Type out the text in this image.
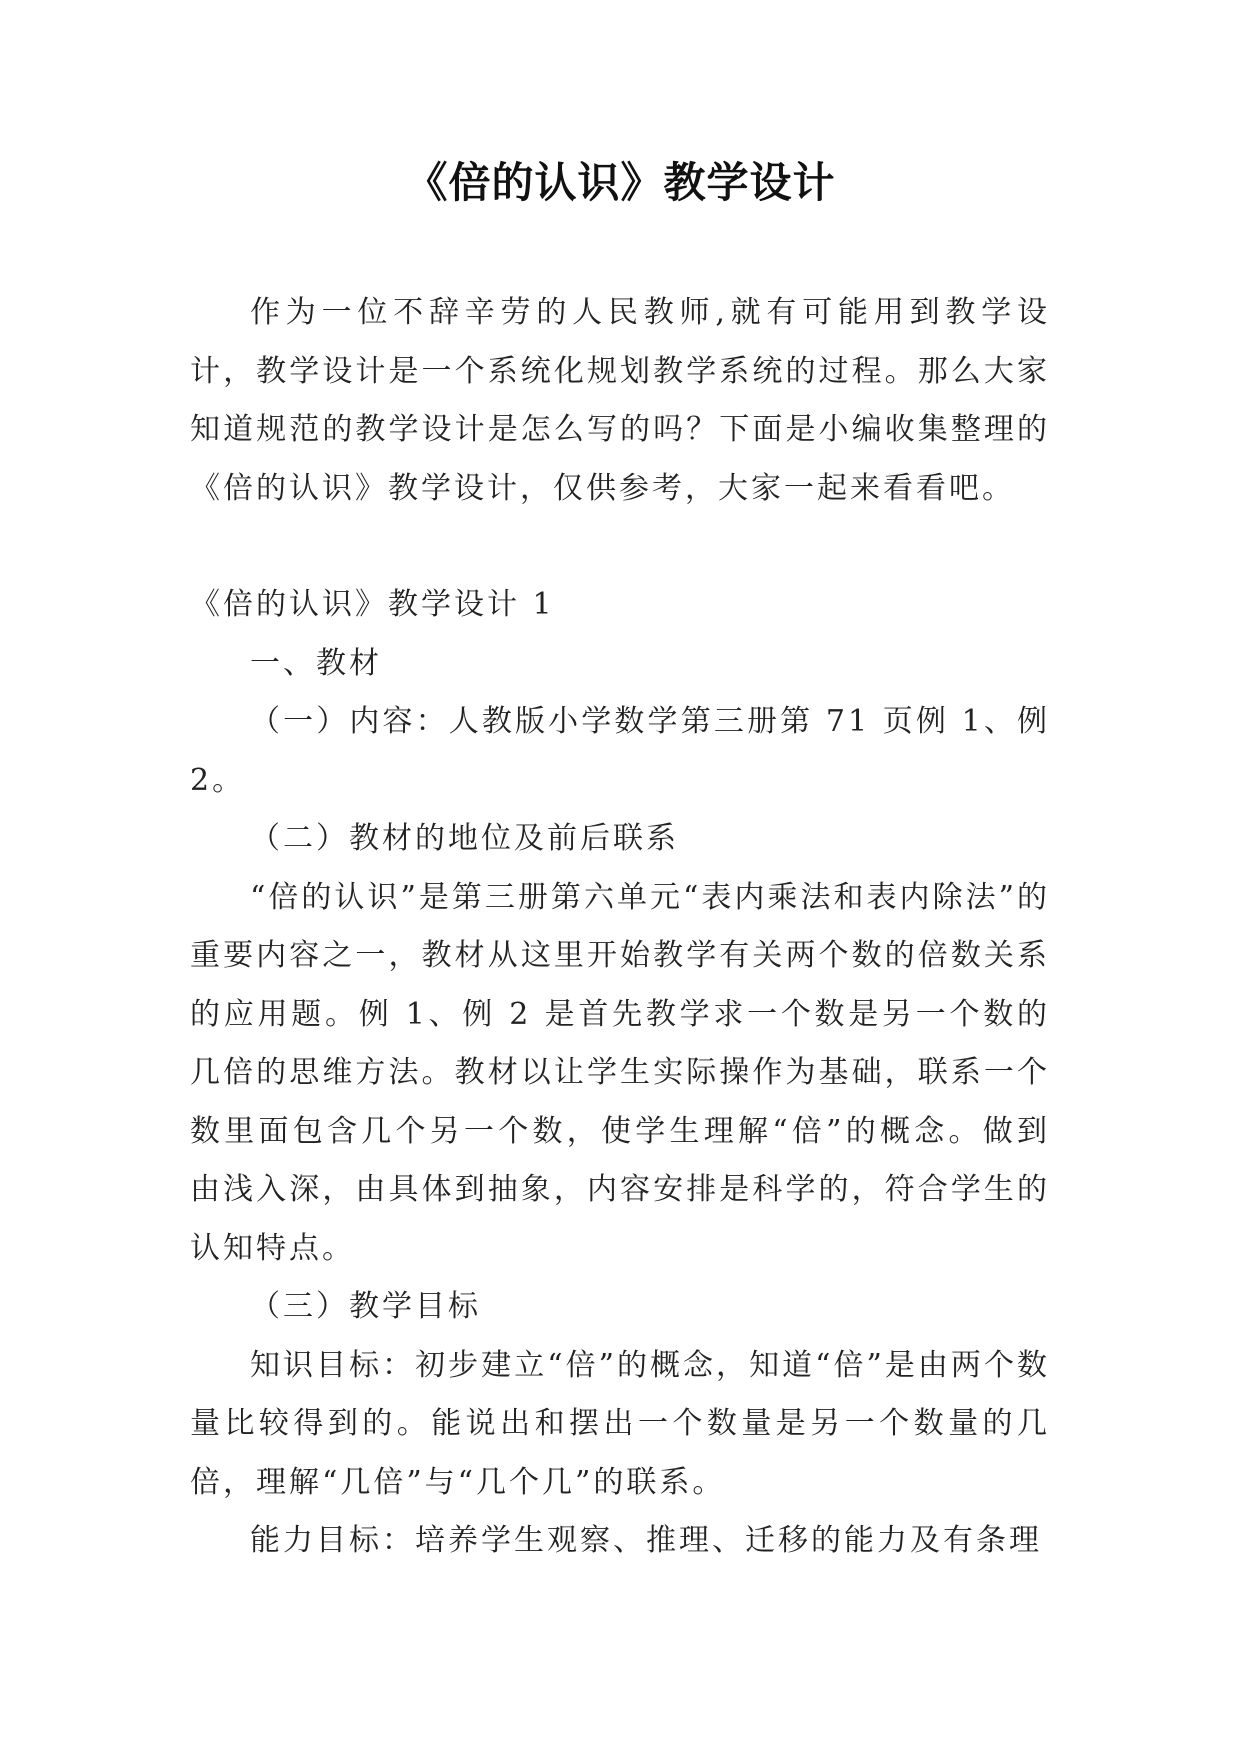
《倍的认识》教学设计

作为一位不辞辛劳的人民教师,就有可能用到教学设计，教学设计是一个系统化规划教学系统的过程。那么大家知道规范的教学设计是怎么写的吗？下面是小编收集整理的《倍的认识》教学设计，仅供参考，大家一起来看看吧。

《倍的认识》教学设计 1

一、教材

（一）内容：人教版小学数学第三册第 71 页例 1、例 2。

（二）教材的地位及前后联系

“倍的认识”是第三册第六单元“表内乘法和表内除法”的重要内容之一，教材从这里开始教学有关两个数的倍数关系的应用题。例 1、例 2 是首先教学求一个数是另一个数的几倍的思维方法。教材以让学生实际操作为基础，联系一个数里面包含几个另一个数，使学生理解“倍”的概念。做到由浅入深，由具体到抽象，内容安排是科学的，符合学生的认知特点。

（三）教学目标

知识目标：初步建立“倍”的概念，知道“倍”是由两个数量比较得到的。能说出和摆出一个数量是另一个数量的几倍，理解“几倍”与“几个几”的联系。

能力目标：培养学生观察、推理、迁移的能力及有条理
